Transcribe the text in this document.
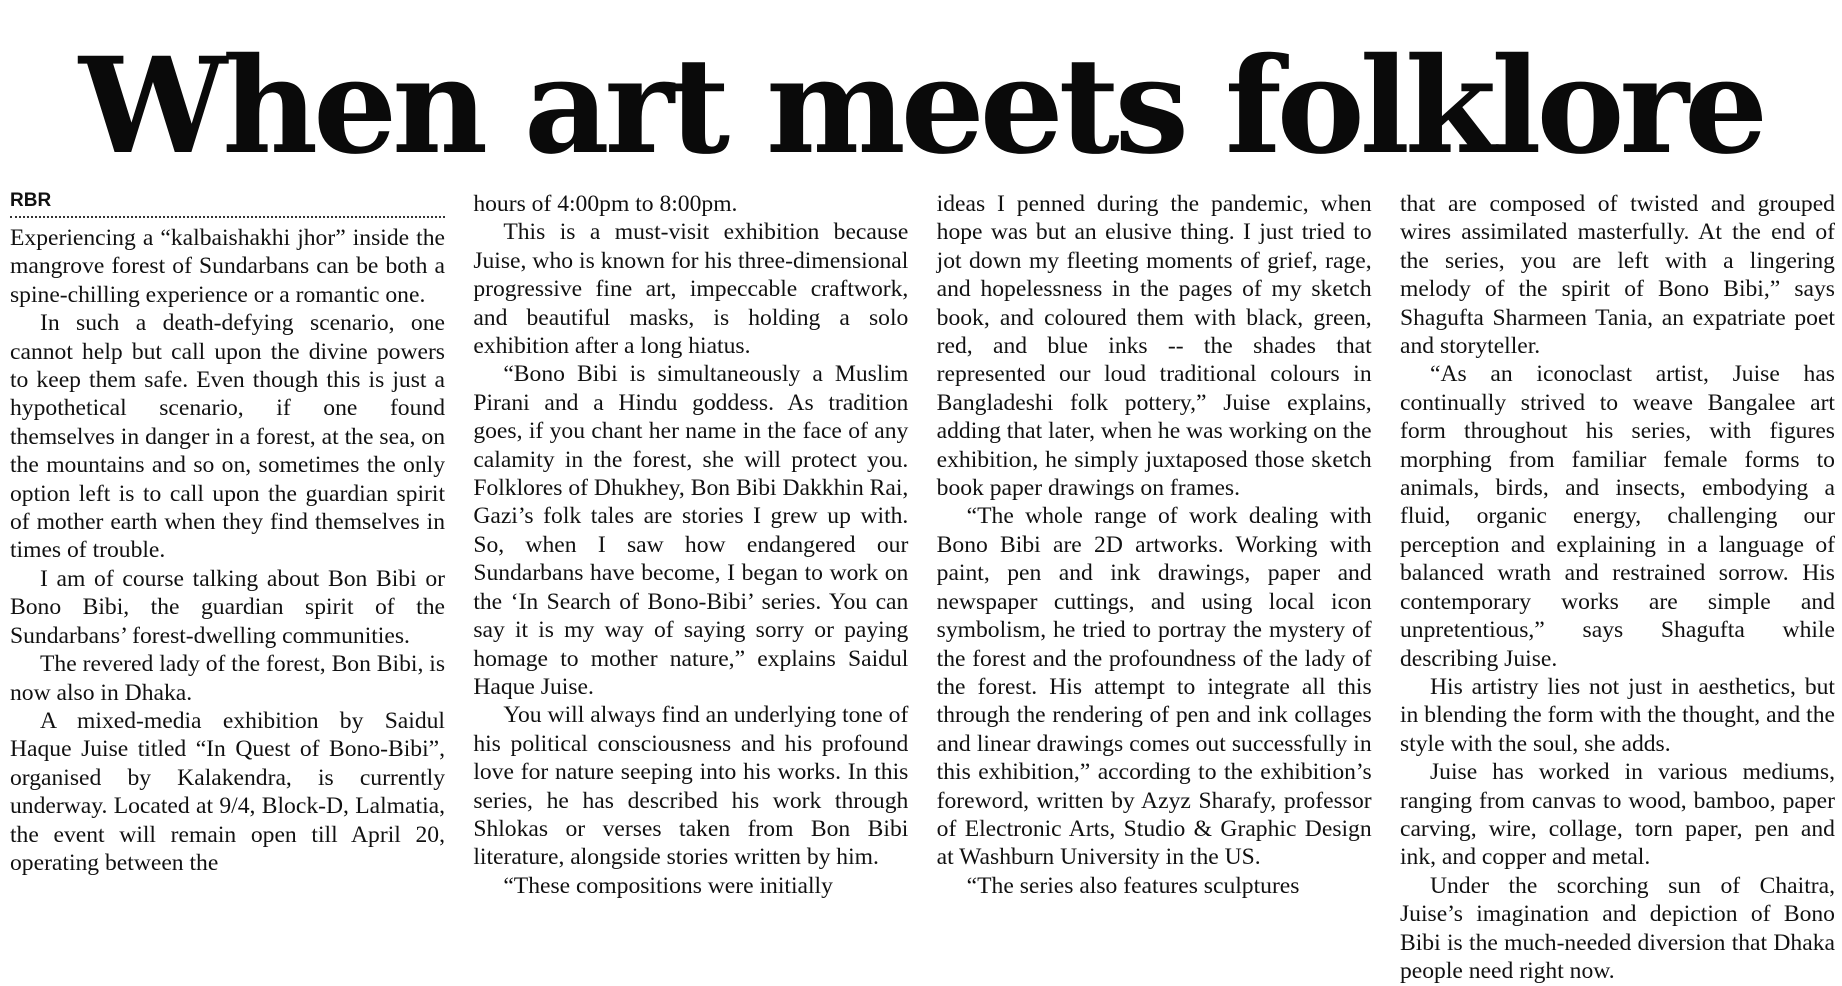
When art meets folklore
RBR

Experiencing a “kalbaishakhi jhor” inside the mangrove forest of Sundarbans can be both a spine-chilling experience or a romantic one.

In such a death-defying scenario, one cannot help but call upon the divine powers to keep them safe. Even though this is just a hypothetical scenario, if one found themselves in danger in a forest, at the sea, on the mountains and so on, sometimes the only option left is to call upon the guardian spirit of mother earth when they find themselves in times of trouble.

I am of course talking about Bon Bibi or Bono Bibi, the guardian spirit of the Sundarbans’ forest-dwelling communities.

The revered lady of the forest, Bon Bibi, is now also in Dhaka.

A mixed-media exhibition by Saidul Haque Juise titled “In Quest of Bono-Bibi”, organised by Kalakendra, is currently underway. Located at 9/4, Block-D, Lalmatia, the event will remain open till April 20, operating between the

hours of 4:00pm to 8:00pm.

This is a must-visit exhibition because Juise, who is known for his three-dimensional progressive fine art, impeccable craftwork, and beautiful masks, is holding a solo exhibition after a long hiatus.

“Bono Bibi is simultaneously a Muslim Pirani and a Hindu goddess. As tradition goes, if you chant her name in the face of any calamity in the forest, she will protect you. Folklores of Dhukhey, Bon Bibi Dakkhin Rai, Gazi’s folk tales are stories I grew up with. So, when I saw how endangered our Sundarbans have become, I began to work on the ‘In Search of Bono-Bibi’ series. You can say it is my way of saying sorry or paying homage to mother nature,” explains Saidul Haque Juise.

You will always find an underlying tone of his political consciousness and his profound love for nature seeping into his works. In this series, he has described his work through Shlokas or verses taken from Bon Bibi literature, alongside stories written by him.

“These compositions were initially

ideas I penned during the pandemic, when hope was but an elusive thing. I just tried to jot down my fleeting moments of grief, rage, and hopelessness in the pages of my sketch book, and coloured them with black, green, red, and blue inks -- the shades that represented our loud traditional colours in Bangladeshi folk pottery,” Juise explains, adding that later, when he was working on the exhibition, he simply juxtaposed those sketch book paper drawings on frames.

“The whole range of work dealing with Bono Bibi are 2D artworks. Working with paint, pen and ink drawings, paper and newspaper cuttings, and using local icon symbolism, he tried to portray the mystery of the forest and the profoundness of the lady of the forest. His attempt to integrate all this through the rendering of pen and ink collages and linear drawings comes out successfully in this exhibition,” according to the exhibition’s foreword, written by Azyz Sharafy, professor of Electronic Arts, Studio & Graphic Design at Washburn University in the US.

“The series also features sculptures

that are composed of twisted and grouped wires assimilated masterfully. At the end of the series, you are left with a lingering melody of the spirit of Bono Bibi,” says Shagufta Sharmeen Tania, an expatriate poet and storyteller.

“As an iconoclast artist, Juise has continually strived to weave Bangalee art form throughout his series, with figures morphing from familiar female forms to animals, birds, and insects, embodying a fluid, organic energy, challenging our perception and explaining in a language of balanced wrath and restrained sorrow. His contemporary works are simple and unpretentious,” says Shagufta while describing Juise.

His artistry lies not just in aesthetics, but in blending the form with the thought, and the style with the soul, she adds.

Juise has worked in various mediums, ranging from canvas to wood, bamboo, paper carving, wire, collage, torn paper, pen and ink, and copper and metal.

Under the scorching sun of Chaitra, Juise’s imagination and depiction of Bono Bibi is the much-needed diversion that Dhaka people need right now.
